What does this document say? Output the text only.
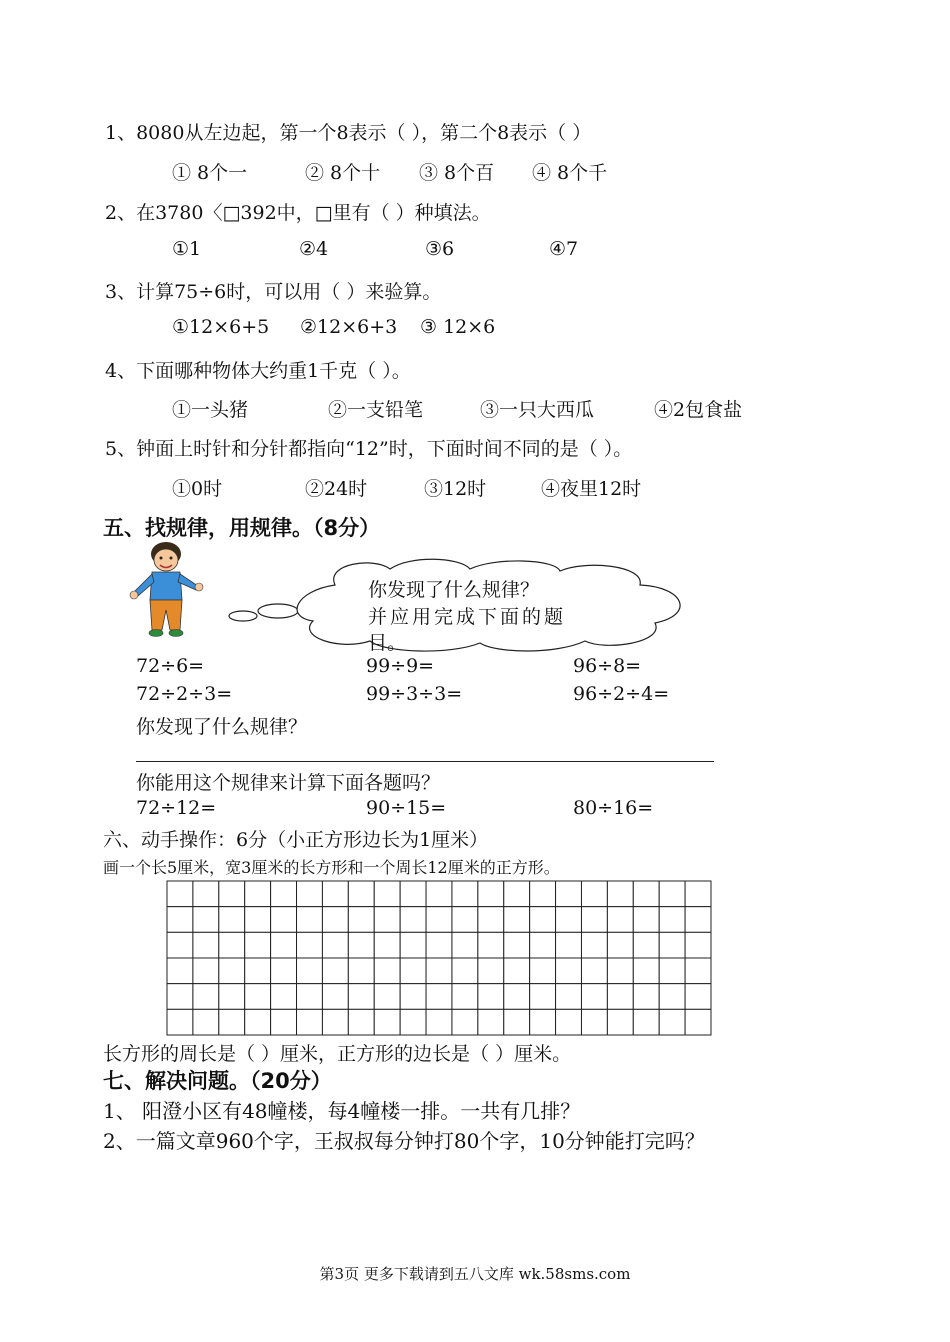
1、8080从左边起，第一个8表示（ ），第二个8表示（ ）
① 8个一	② 8个十 ③ 8个百 ④ 8个千
2、在3780〈□392中，□里有（ ）种填法。
①1	②4	③6	④7
3、计算75÷6时，可以用（ ）来验算。
①12×6+5 ②12×6+3 ③ 12×6
4、下面哪种物体大约重1千克（ ）。
①一头猪	②一支铅笔	③一只大西瓜	④2包食盐
5、钟面上时针和分针都指向“12”时，下面时间不同的是（ ）。
①0时	②24时	③12时	④夜里12时
五、找规律，用规律。（8分）
你发现了什么规律？
并应用完成下面的题
目。
72÷6=	99÷9=	96÷8=
72÷2÷3=	99÷3÷3=	96÷2÷4=
你发现了什么规律？
你能用这个规律来计算下面各题吗？
72÷12=	90÷15=	80÷16=
六、动手操作：6分（小正方形边长为1厘米）
画一个长5厘米，宽3厘米的长方形和一个周长12厘米的正方形。
长方形的周长是（ ）厘米，正方形的边长是（ ）厘米。
七、解决问题。（20分）
1、 阳澄小区有48幢楼，每4幢楼一排。一共有几排？
2、一篇文章960个字，王叔叔每分钟打80个字，10分钟能打完吗？
第3页 更多下载请到五八文库 wk.58sms.com
